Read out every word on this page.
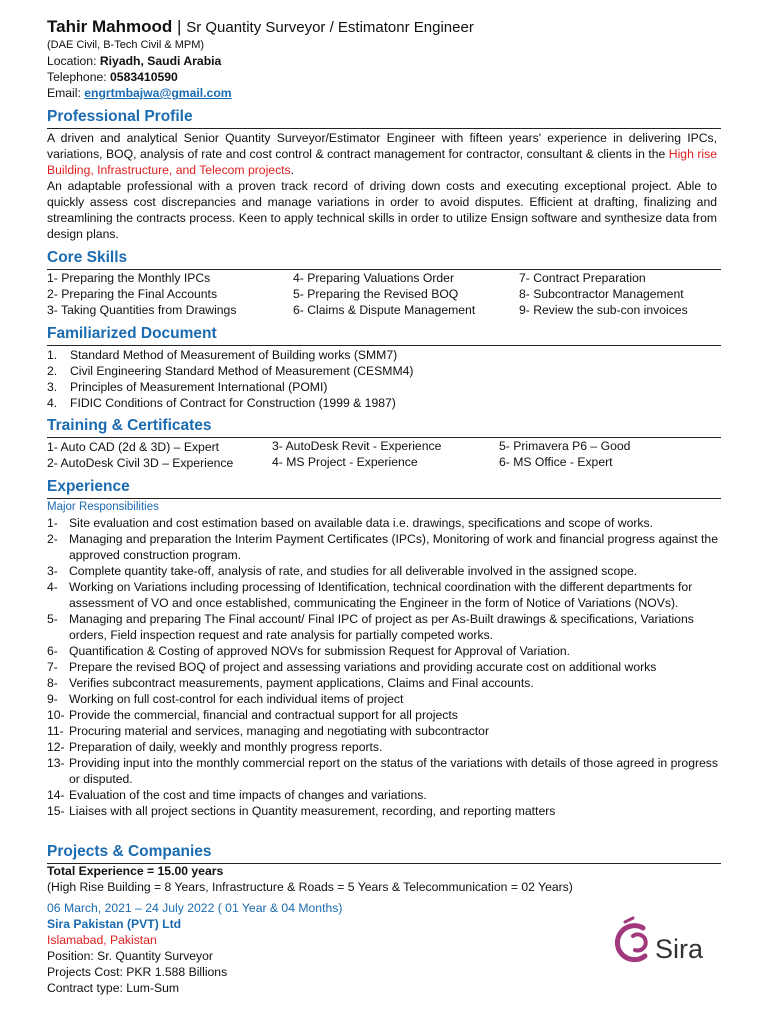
Tahir Mahmood | Sr Quantity Surveyor / Estimatonr Engineer
(DAE Civil, B-Tech Civil & MPM)
Location: Riyadh, Saudi Arabia
Telephone: 0583410590
Email: engrtmbajwa@gmail.com
Professional Profile
A driven and analytical Senior Quantity Surveyor/Estimator Engineer with fifteen years' experience in delivering IPCs, variations, BOQ, analysis of rate and cost control & contract management for contractor, consultant & clients in the High rise Building, Infrastructure, and Telecom projects.
An adaptable professional with a proven track record of driving down costs and executing exceptional project. Able to quickly assess cost discrepancies and manage variations in order to avoid disputes. Efficient at drafting, finalizing and streamlining the contracts process. Keen to apply technical skills in order to utilize Ensign software and synthesize data from design plans.
Core Skills
1- Preparing the Monthly IPCs
2- Preparing the Final Accounts
3- Taking Quantities from Drawings
4- Preparing Valuations Order
5- Preparing the Revised BOQ
6- Claims & Dispute Management
7- Contract Preparation
8- Subcontractor Management
9- Review the sub-con invoices
Familiarized Document
1. Standard Method of Measurement of Building works (SMM7)
2. Civil Engineering Standard Method of Measurement (CESMM4)
3. Principles of Measurement International (POMI)
4. FIDIC Conditions of Contract for Construction (1999 & 1987)
Training & Certificates
1- Auto CAD (2d & 3D) – Expert
2- AutoDesk Civil 3D – Experience
3- AutoDesk Revit - Experience
4- MS Project - Experience
5- Primavera P6 – Good
6- MS Office - Expert
Experience
Major Responsibilities
1- Site evaluation and cost estimation based on available data i.e. drawings, specifications and scope of works.
2- Managing and preparation the Interim Payment Certificates (IPCs), Monitoring of work and financial progress against the approved construction program.
3- Complete quantity take-off, analysis of rate, and studies for all deliverable involved in the assigned scope.
4- Working on Variations including processing of Identification, technical coordination with the different departments for assessment of VO and once established, communicating the Engineer in the form of Notice of Variations (NOVs).
5- Managing and preparing The Final account/ Final IPC of project as per As-Built drawings & specifications, Variations orders, Field inspection request and rate analysis for partially competed works.
6- Quantification & Costing of approved NOVs for submission Request for Approval of Variation.
7- Prepare the revised BOQ of project and assessing variations and providing accurate cost on additional works
8- Verifies subcontract measurements, payment applications, Claims and Final accounts.
9- Working on full cost-control for each individual items of project
10- Provide the commercial, financial and contractual support for all projects
11- Procuring material and services, managing and negotiating with subcontractor
12- Preparation of daily, weekly and monthly progress reports.
13- Providing input into the monthly commercial report on the status of the variations with details of those agreed in progress or disputed.
14- Evaluation of the cost and time impacts of changes and variations.
15- Liaises with all project sections in Quantity measurement, recording, and reporting matters
Projects & Companies
Total Experience = 15.00 years
(High Rise Building = 8 Years, Infrastructure & Roads = 5 Years & Telecommunication = 02 Years)
06 March, 2021 – 24 July 2022 ( 01 Year & 04 Months)
Sira Pakistan (PVT) Ltd
Islamabad, Pakistan
Position: Sr. Quantity Surveyor
Projects Cost: PKR 1.588 Billions
Contract type: Lum-Sum
Sira
